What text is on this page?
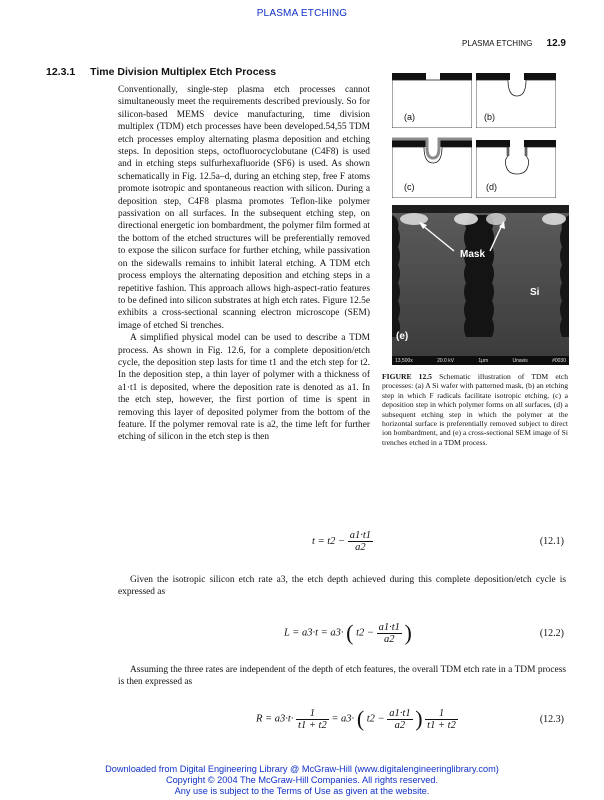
PLASMA ETCHING
PLASMA ETCHING 12.9
12.3.1 Time Division Multiplex Etch Process

Conventionally, single-step plasma etch processes cannot simultaneously meet the requirements described previously. So for silicon-based MEMS device manufacturing, time division multiplex (TDM) etch processes have been developed.54,55 TDM etch processes employ alternating plasma deposition and etching steps. In deposition steps, octofluorocyclobutane (C4F8) is used and in etching steps sulfurhexafluoride (SF6) is used. As shown schematically in Fig. 12.5a–d, during an etching step, free F atoms promote isotropic and spontaneous reaction with silicon. During a deposition step, C4F8 plasma promotes Teflon-like polymer passivation on all surfaces. In the subsequent etching step, on directional energetic ion bombardment, the polymer film formed at the bottom of the etched structures will be preferentially removed to expose the silicon surface for further etching, while passivation on the sidewalls remains to inhibit lateral etching. A TDM etch process employs the alternating deposition and etching steps in a repetitive fashion. This approach allows high-aspect-ratio features to be defined into silicon substrates at high etch rates. Figure 12.5e exhibits a cross-sectional scanning electron microscope (SEM) image of etched Si trenches.

A simplified physical model can be used to describe a TDM process. As shown in Fig. 12.6, for a complete deposition/etch cycle, the deposition step lasts for time t1 and the etch step for t2. In the deposition step, a thin layer of polymer with a thickness of a1·t1 is deposited, where the deposition rate is denoted as a1. In the etch step, however, the first portion of time is spent in removing this layer of deposited polymer from the bottom of the feature. If the polymer removal rate is a2, the time left for further etching of silicon in the etch step is then

(a)	(b)
(c)	(d)
Mask
Si
(e)
13,500x	20.0 kV	1μm	Unavis	#0030
FIGURE 12.5 Schematic illustration of TDM etch processes: (a) A Si wafer with patterned mask, (b) an etching step in which F radicals facilitate isotropic etching, (c) a deposition step in which polymer forms on all surfaces, (d) a subsequent etching step in which the polymer at the horizontal surface is preferentially removed subject to direct ion bombardment, and (e) a cross-sectional SEM image of Si trenches etched in a TDM process.
$t = t2 - \frac{a1\cdot t1}{a2}$	(12.1)

Given the isotropic silicon etch rate a3, the etch depth achieved during this complete deposition/etch cycle is expressed as

L = a3·t = a3· ( $t2 - \frac{a1\cdot t1}{a2}$ )	(12.2)

Assuming the three rates are independent of the depth of etch features, the overall TDM etch rate in a TDM process is then expressed as

$R = a3\cdot t\cdot \frac{1}{t1 + t2} = a3\cdot$ ( $t2 - \frac{a1\cdot t1}{a2}$ ) $\frac{1}{t1 + t2}$	(12.3)
Downloaded from Digital Engineering Library @ McGraw-Hill (www.digitalengineeringlibrary.com)
Copyright © 2004 The McGraw-Hill Companies. All rights reserved.
Any use is subject to the Terms of Use as given at the website.
